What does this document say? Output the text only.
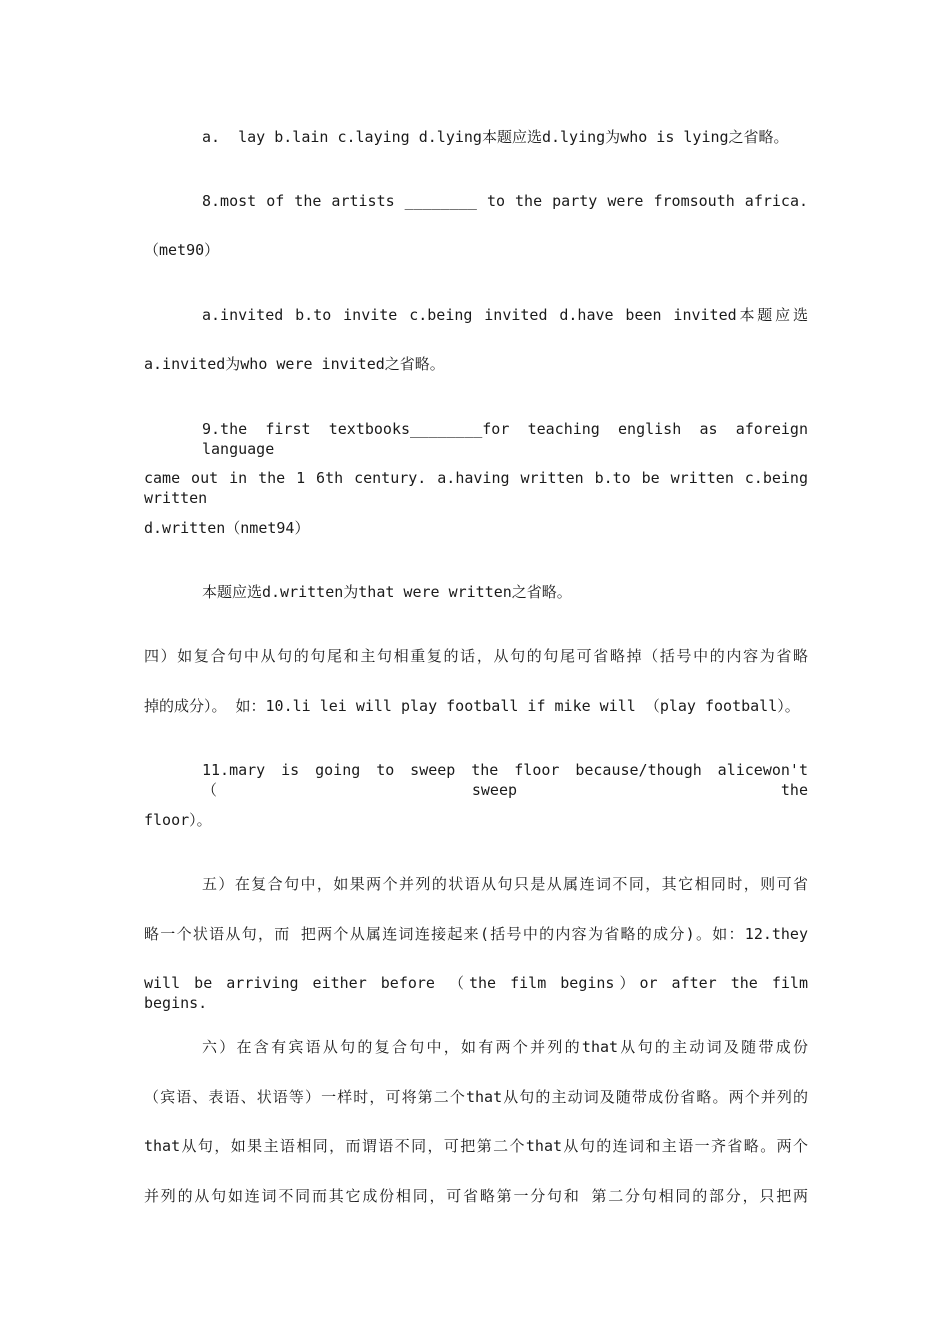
a.  lay b.lain c.laying d.lying本题应选d.lying为who is lying之省略。
8.most of the artists ________ to the party were fromsouth africa.
（met90）
a.invited b.to invite c.being invited d.have been invited本题应选
a.invited为who were invited之省略。
9.the first textbooks________for teaching english as aforeign language
came out in the 1 6th century. a.having written b.to be written c.being written
d.written（nmet94）
本题应选d.written为that were written之省略。
四）如复合句中从句的句尾和主句相重复的话，从句的句尾可省略掉（括号中的内容为省略
掉的成分）。 如：10.li lei will play football if mike will （play football）。
11.mary is going to sweep the floor because/though alicewon't（sweep the
floor）。
五）在复合句中，如果两个并列的状语从句只是从属连词不同，其它相同时，则可省
略一个状语从句，而 把两个从属连词连接起来(括号中的内容为省略的成分)。如：12.they
will be arriving either before （the film begins）or after the film begins.
六）在含有宾语从句的复合句中，如有两个并列的that从句的主动词及随带成份
（宾语、表语、状语等）一样时，可将第二个that从句的主动词及随带成份省略。两个并列的
that从句，如果主语相同，而谓语不同，可把第二个that从句的连词和主语一齐省略。两个
并列的从句如连词不同而其它成份相同，可省略第一分句和 第二分句相同的部分，只把两
